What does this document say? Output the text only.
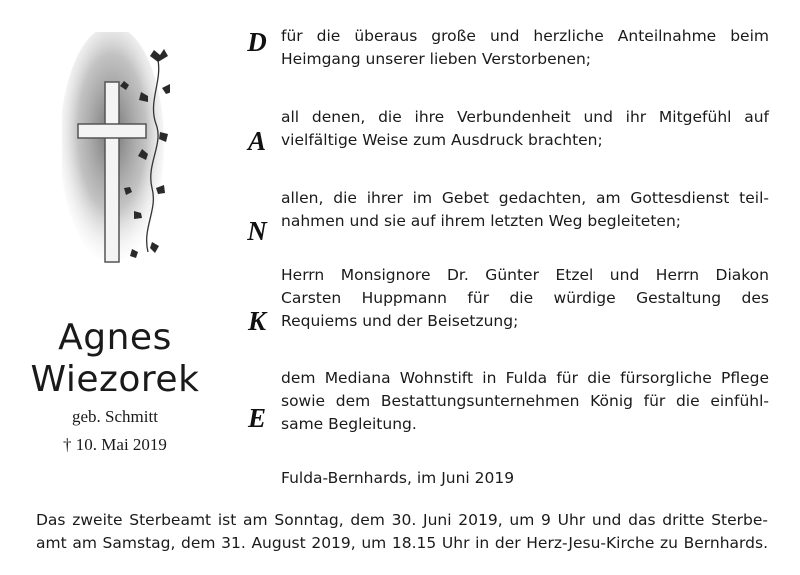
Agnes
Wiezorek
geb. Schmitt
† 10. Mai 2019
D
A
N
K
E
für die überaus große und herzliche Anteilnahme beim
Heimgang unserer lieben Verstorbenen;
all denen, die ihre Verbundenheit und ihr Mitgefühl auf
vielfältige Weise zum Ausdruck brachten;
allen, die ihrer im Gebet gedachten, am Gottesdienst teil-
nahmen und sie auf ihrem letzten Weg begleiteten;
Herrn Monsignore Dr. Günter Etzel und Herrn Diakon
Carsten Huppmann für die würdige Gestaltung des
Requiems und der Beisetzung;
dem Mediana Wohnstift in Fulda für die fürsorgliche Pflege
sowie dem Bestattungsunternehmen König für die einfühl-
same Begleitung.
Fulda-Bernhards, im Juni 2019
Das zweite Sterbeamt ist am Sonntag, dem 30. Juni 2019, um 9 Uhr und das dritte Sterbe-
amt am Samstag, dem 31. August 2019, um 18.15 Uhr in der Herz-Jesu-Kirche zu Bernhards.
